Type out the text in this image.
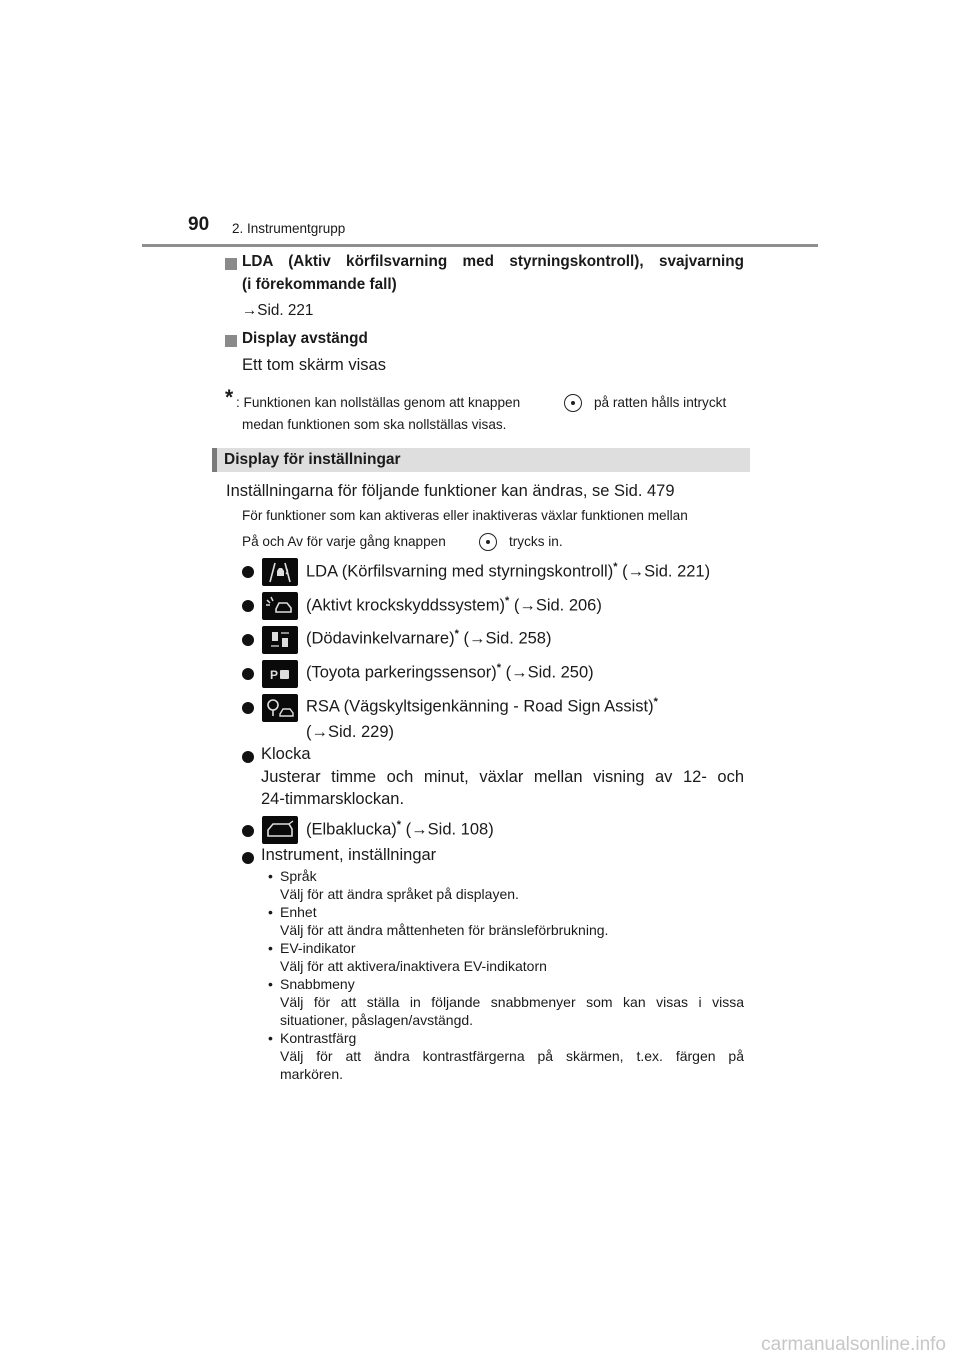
90 2. Instrumentgrupp
LDA (Aktiv körfilsvarning med styrningskontroll), svajvarning
(i förekommande fall)
→Sid. 221
Display avstängd
Ett tom skärm visas
* : Funktionen kan nollställas genom att knappen	på ratten hålls intryckt
medan funktionen som ska nollställas visas.
Display för inställningar
Inställningarna för följande funktioner kan ändras, se Sid. 479
För funktioner som kan aktiveras eller inaktiveras växlar funktionen mellan
På och Av för varje gång knappen	trycks in.
LDA (Körfilsvarning med styrningskontroll)* (→Sid. 221)
(Aktivt krockskyddssystem)* (→Sid. 206)
(Dödavinkelvarnare)* (→Sid. 258)
P (Toyota parkeringssensor)* (→Sid. 250)
RSA (Vägskyltsigenkänning - Road Sign Assist)*
(→Sid. 229)
Klocka
Justerar timme och minut, växlar mellan visning av 12- och
24-timmarsklockan.
(Elbaklucka)* (→Sid. 108)
Instrument, inställningar
• Språk
Välj för att ändra språket på displayen.
• Enhet
Välj för att ändra måttenheten för bränsleförbrukning.
• EV-indikator
Välj för att aktivera/inaktivera EV-indikatorn
• Snabbmeny
Välj för att ställa in följande snabbmenyer som kan visas i vissa
situationer, påslagen/avstängd.
• Kontrastfärg
Välj för att ändra kontrastfärgerna på skärmen, t.ex. färgen på
markören.
carmanualsonline.info
